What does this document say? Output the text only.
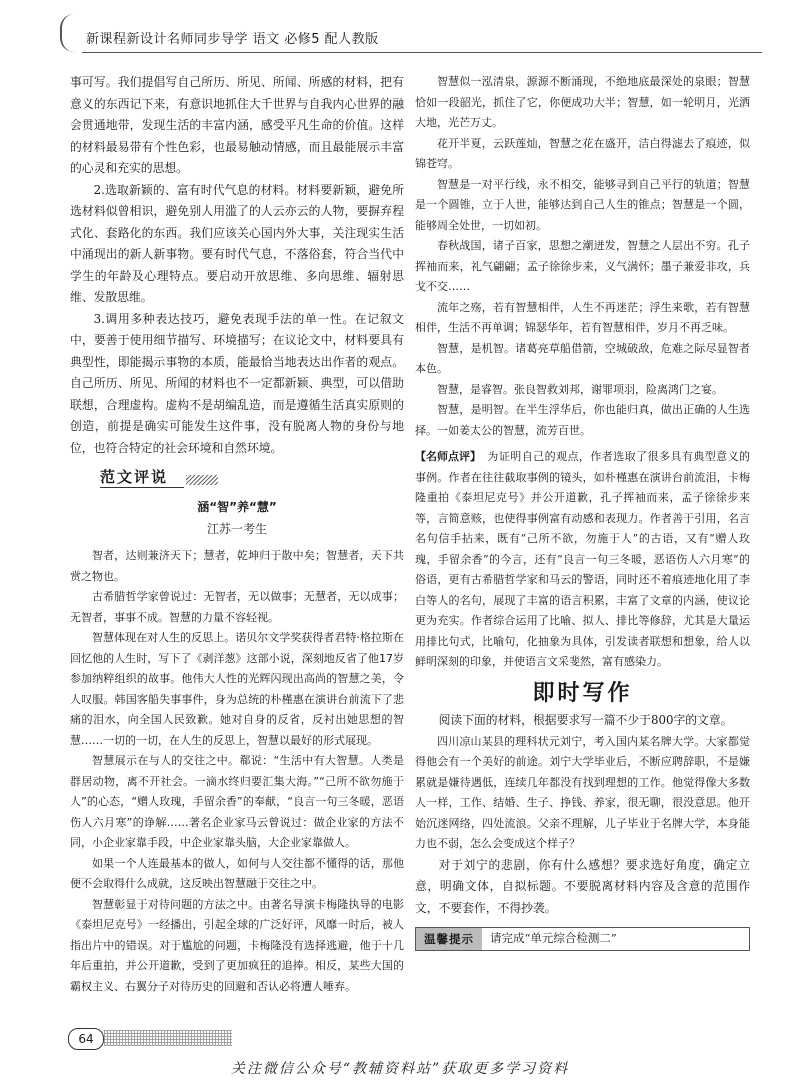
新课程新设计名师同步导学 语文 必修5 配人教版

事可写。我们提倡写自己所历、所见、所闻、所感的材料，把有意义的东西记下来，有意识地抓住大千世界与自我内心世界的融会贯通地带，发现生活的丰富内涵，感受平凡生命的价值。这样的材料最易带有个性色彩，也最易触动情感，而且最能展示丰富的心灵和充实的思想。

2.选取新颖的、富有时代气息的材料。材料要新颖，避免所选材料似曾相识，避免别人用滥了的人云亦云的人物，要摒弃程式化、套路化的东西。我们应该关心国内外大事，关注现实生活中涌现出的新人新事物。要有时代气息，不落俗套，符合当代中学生的年龄及心理特点。要启动开放思维、多向思维、辐射思维、发散思维。

3.调用多种表达技巧，避免表现手法的单一性。在记叙文中，要善于使用细节描写、环境描写；在议论文中，材料要具有典型性，即能揭示事物的本质，能最恰当地表达出作者的观点。自己所历、所见、所闻的材料也不一定都新颖、典型，可以借助联想，合理虚构。虚构不是胡编乱造，而是遵循生活真实原则的创造，前提是确实可能发生这件事，没有脱离人物的身份与地位，也符合特定的社会环境和自然环境。

范文评说
涵“智”养“慧”
江苏一考生

智者，达则兼济天下；慧者，乾坤归于散中矣；智慧者，天下共赏之物也。

古希腊哲学家曾说过：无智者，无以做事；无慧者，无以成事；无智者，事事不成。智慧的力量不容轻视。

智慧体现在对人生的反思上。诺贝尔文学奖获得者君特·格拉斯在回忆他的人生时，写下了《剥洋葱》这部小说，深刻地反省了他17岁参加纳粹组织的故事。他伟大人性的光辉闪现出高尚的智慧之美，令人叹服。韩国客船失事事件，身为总统的朴槿惠在演讲台前流下了悲痛的泪水，向全国人民致歉。她对自身的反省，反衬出她思想的智慧……一切的一切，在人生的反思上，智慧以最好的形式展现。

智慧展示在与人的交往之中。郗说：“生活中有大智慧。人类是群居动物，离不开社会。一滴水终归要汇集大海。”“己所不欲勿施于人”的心态，“赠人玫瑰，手留余香”的奉献，“良言一句三冬暖，恶语伤人六月寒”的诤解……著名企业家马云曾说过：做企业家的方法不同，小企业家靠手段，中企业家靠头脑，大企业家靠做人。

如果一个人连最基本的做人，如何与人交往都不懂得的话，那他便不会取得什么成就，这反映出智慧融于交往之中。

智慧彰显于对待问题的方法之中。由著名导演卡梅隆执导的电影《泰坦尼克号》一经播出，引起全球的广泛好评，风靡一时后，被人指出片中的错误。对于尴尬的问题，卡梅隆没有选择逃避，他于十几年后重拍，并公开道歉，受到了更加疯狂的追捧。相反，某些大国的霸权主义、右翼分子对待历史的回避和否认必将遭人唾弃。

智慧似一泓清泉，源源不断涌现，不绝地底最深处的泉眼；智慧恰如一段韶光，抓住了它，你便成功大半；智慧，如一轮明月，光洒大地，光芒万丈。

花开半夏，云跃莲灿，智慧之花在盛开，洁白得滤去了痕迹，似锦苍穹。

智慧是一对平行线，永不相交，能够寻到自己平行的轨道；智慧是一个圆锥，立于人世，能够达到自己人生的锥点；智慧是一个圆，能够周全处世，一切如初。

春秋战国，诸子百家，思想之潮迸发，智慧之人层出不穷。孔子挥袖而来，礼气翩翩；孟子徐徐步来，义气满怀；墨子兼爱非攻，兵戈不交……

流年之殇，若有智慧相伴，人生不再迷茫；浮生来歌，若有智慧相伴，生活不再单调；锦瑟华年，若有智慧相伴，岁月不再乏味。

智慧，是机智。诸葛亮草船借箭，空城破敌，危难之际尽显智者本色。

智慧，是睿智。张良智救刘邦，谢罪项羽，险离鸿门之宴。

智慧，是明智。在半生浮华后，你也能归真，做出正确的人生选择。一如姜太公的智慧，流芳百世。

【名师点评】 为证明自己的观点，作者选取了很多具有典型意义的事例。作者在往往截取事例的镜头，如朴槿惠在演讲台前流泪，卡梅隆重拍《泰坦尼克号》并公开道歉，孔子挥袖而来，孟子徐徐步来等，言简意赅，也使得事例富有动感和表现力。作者善于引用，名言名句信手拈来，既有“己所不欲，勿施于人”的古语，又有“赠人玫瑰，手留余香”的今言，还有“良言一句三冬暖，恶语伤人六月寒”的俗语，更有古希腊哲学家和马云的警语，同时还不着痕迹地化用了李白等人的名句，展现了丰富的语言积累，丰富了文章的内涵，使议论更为充实。作者综合运用了比喻、拟人、排比等修辞，尤其是大量运用排比句式，比喻句，化抽象为具体，引发读者联想和想象，给人以鲜明深刻的印象，并使语言文采斐然，富有感染力。
即时写作

阅读下面的材料，根据要求写一篇不少于800字的文章。

四川凉山某县的理科状元刘宁，考入国内某名牌大学。大家都觉得他会有一个美好的前途。刘宁大学毕业后，不断应聘辞职，不是嫌累就是嫌待遇低，连续几年都没有找到理想的工作。他觉得像大多数人一样，工作、结婚、生子、挣钱、养家，很无聊，很没意思。他开始沉迷网络，四处流浪。父亲不理解，儿子毕业于名牌大学，本身能力也不弱，怎么会变成这个样子？

对于刘宁的悲剧，你有什么感想？要求选好角度，确定立意，明确文体，自拟标题。不要脱离材料内容及含意的范围作文，不要套作，不得抄袭。

温馨提示	请完成“单元综合检测二”
64
关注微信公众号“教辅资料站”获取更多学习资料
